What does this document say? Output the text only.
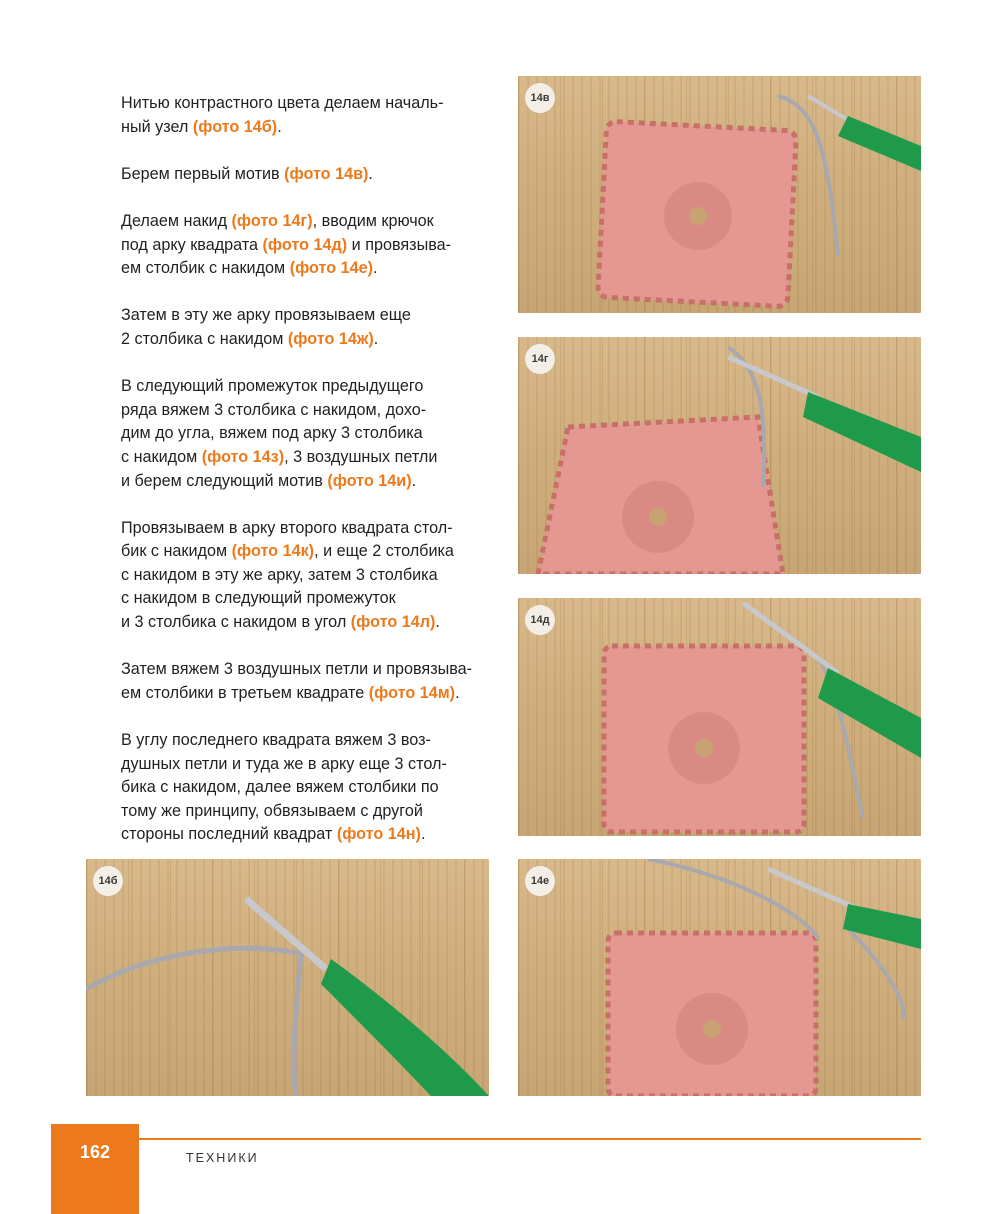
Нитью контрастного цвета делаем началь-
ный узел (фото 14б).

Берем первый мотив (фото 14в).

Делаем накид (фото 14г), вводим крючок
под арку квадрата (фото 14д) и провязыва-
ем столбик с накидом (фото 14е).

Затем в эту же арку провязываем еще
2 столбика с накидом (фото 14ж).

В следующий промежуток предыдущего
ряда вяжем 3 столбика с накидом, дохо-
дим до угла, вяжем под арку 3 столбика
с накидом (фото 14з), 3 воздушных петли
и берем следующий мотив (фото 14и).

Провязываем в арку второго квадрата стол-
бик с накидом (фото 14к), и еще 2 столбика
с накидом в эту же арку, затем 3 столбика
с накидом в следующий промежуток
и 3 столбика с накидом в угол (фото 14л).

Затем вяжем 3 воздушных петли и провязыва-
ем столбики в третьем квадрате (фото 14м).

В углу последнего квадрата вяжем 3 воз-
душных петли и туда же в арку еще 3 стол-
бика с накидом, далее вяжем столбики по
тому же принципу, обвязываем с другой
стороны последний квадрат (фото 14н).

14в
14г
14д
14б	14е
162	ТЕХНИКИ
